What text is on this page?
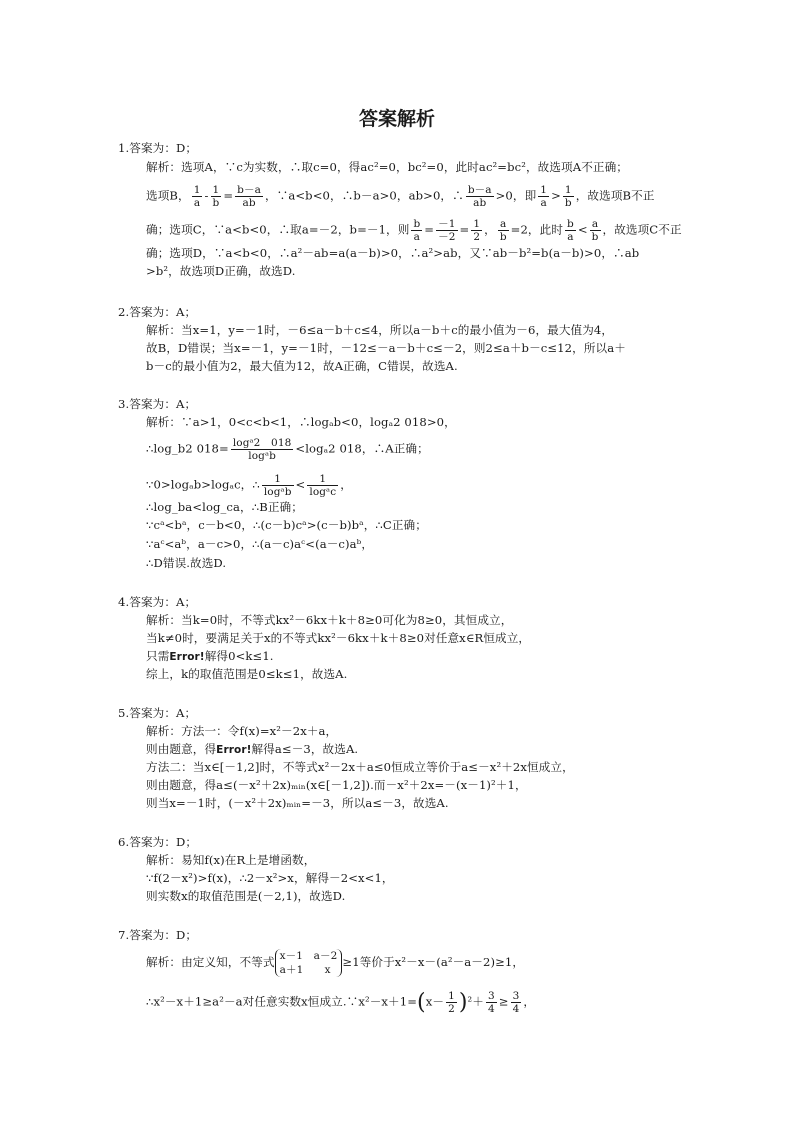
答案解析
1.答案为：D；
解析：选项A，∵c为实数，∴取c=0，得ac²=0，bc²=0，此时ac²=bc²，故选项A不正确；
选项B， $\frac{1}{a} - \frac{1}{b} = \frac{b-a}{ab}$ ，∵a<b<0，∴b－a>0，ab>0，∴ $\frac{b-a}{ab} >0$，即 $\frac{1}{a} > \frac{1}{b}$ ，故选项B不正
确；选项C，∵a<b<0，∴取a=－2，b=－1，则 $\frac{b}{a} = \frac{-1}{-2} = \frac{1}{2}$ ， $\frac{a}{b} =2$，此时 $\frac{b}{a} < \frac{a}{b}$ ，故选项C不正
确；选项D，∵a<b<0，∴a²－ab=a(a－b)>0，∴a²>ab，又∵ab－b²=b(a－b)>0，∴ab
>b²，故选项D正确，故选D.
2.答案为：A；
解析：当x=1，y=－1时，－6≤a－b＋c≤4，所以a－b＋c的最小值为－6，最大值为4，
故B，D错误；当x=－1，y=－1时，－12≤－a－b＋c≤－2，则2≤a＋b－c≤12，所以a＋
b－c的最小值为2，最大值为12，故A正确，C错误，故选A.
3.答案为：A；
解析：∵a>1，0<c<b<1，∴logₐb<0，logₐ2 018>0，
∴log_b2 $018= \frac{\text{logᵃ2　018}}{\text{logᵃb}} <\log_a2$ 018，∴A正确；
∵0>logₐb>logₐc，∴ $\frac{1}{\text{logᵃb}} < \frac{1}{\text{logᵃc}}$ ，
∴log_ba<log_ca，∴B正确；
∵cᵃ<bᵃ，c－b<0，∴(c－b)cᵃ>(c－b)bᵃ，∴C正确；
∵aᶜ<aᵇ，a－c>0，∴(a－c)aᶜ<(a－c)aᵇ，
∴D错误.故选D.
4.答案为：A；
解析：当k=0时，不等式kx²－6kx＋k＋8≥0可化为8≥0，其恒成立，
当k≠0时，要满足关于x的不等式kx²－6kx＋k＋8≥0对任意x∈R恒成立，
只需Error!解得0<k≤1.
综上，k的取值范围是0≤k≤1，故选A.
5.答案为：A；
解析：方法一：令f(x)=x²－2x＋a，
则由题意，得Error!解得a≤－3，故选A.
方法二：当x∈[－1,2]时，不等式x²－2x＋a≤0恒成立等价于a≤－x²＋2x恒成立，
则由题意，得a≤(－x²＋2x)ₘᵢₙ(x∈[－1,2]).而－x²＋2x=－(x－1)²＋1，
则当x=－1时，(－x²＋2x)ₘᵢₙ=－3，所以a≤－3，故选A.
6.答案为：D；
解析：易知f(x)在R上是增函数，
∵f(2－x²)>f(x)，∴2－x²>x，解得－2<x<1，
则实数x的取值范围是(－2,1)，故选D.
7.答案为：D；
解析：由定义知，不等式 x－1　 a－2
a＋1　　 x≥1等价于x²－x－(a²－a－2)≥1，
∴x²－x＋1≥a²－a对任意实数x恒成立.∵x²－x＋1=(x－ $\frac{1}{2} )^2+ \frac{3}{4} \ge \frac{3}{4}$ ，
